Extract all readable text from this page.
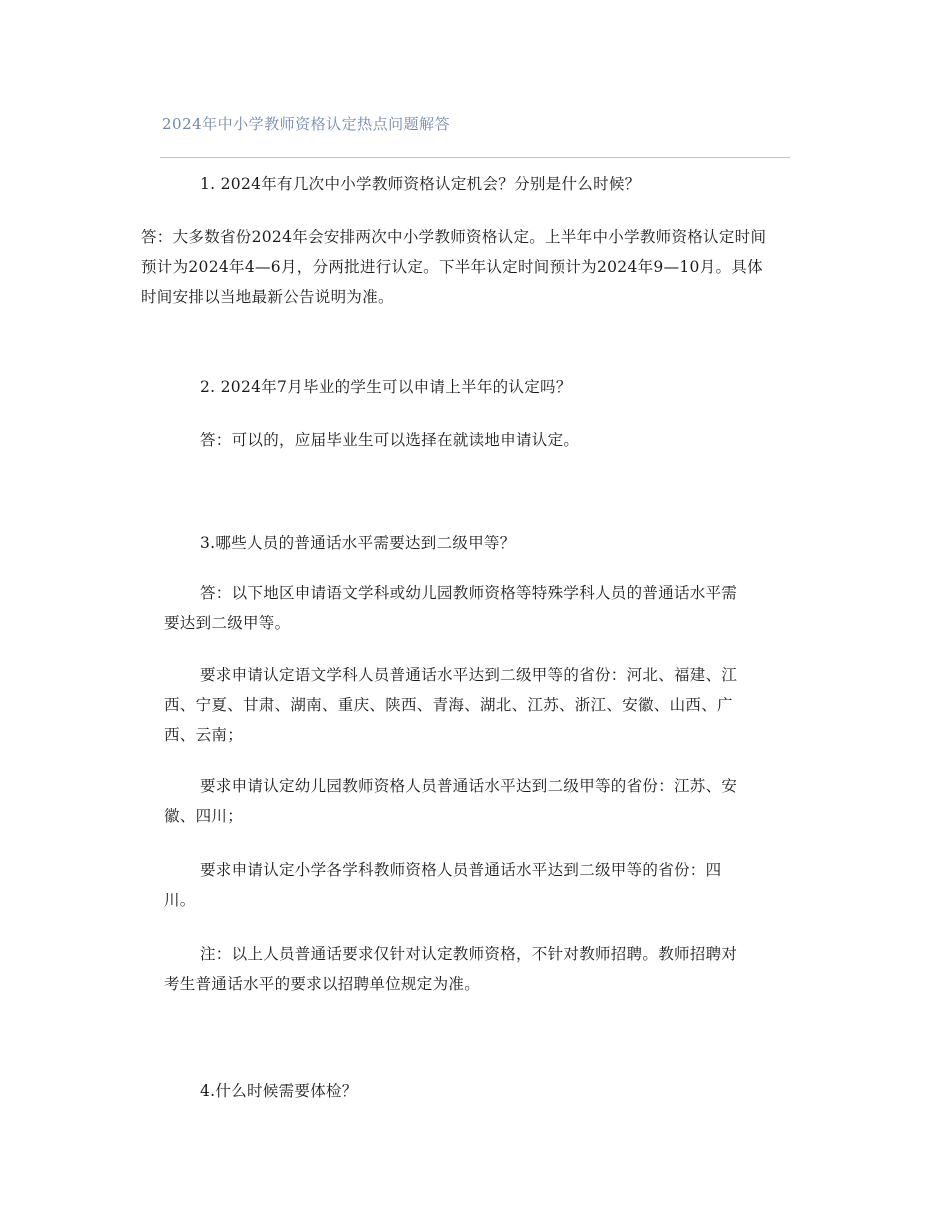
2024年中小学教师资格认定热点问题解答
1. 2024年有几次中小学教师资格认定机会？分别是什么时候？
答：大多数省份2024年会安排两次中小学教师资格认定。上半年中小学教师资格认定时间
预计为2024年4—6月，分两批进行认定。下半年认定时间预计为2024年9—10月。具体
时间安排以当地最新公告说明为准。
2. 2024年7月毕业的学生可以申请上半年的认定吗？
答：可以的，应届毕业生可以选择在就读地申请认定。
3.哪些人员的普通话水平需要达到二级甲等？
答：以下地区申请语文学科或幼儿园教师资格等特殊学科人员的普通话水平需
要达到二级甲等。
要求申请认定语文学科人员普通话水平达到二级甲等的省份：河北、福建、江
西、宁夏、甘肃、湖南、重庆、陕西、青海、湖北、江苏、浙江、安徽、山西、广
西、云南；
要求申请认定幼儿园教师资格人员普通话水平达到二级甲等的省份：江苏、安
徽、四川；
要求申请认定小学各学科教师资格人员普通话水平达到二级甲等的省份：四
川。
注：以上人员普通话要求仅针对认定教师资格，不针对教师招聘。教师招聘对
考生普通话水平的要求以招聘单位规定为准。
4.什么时候需要体检？
